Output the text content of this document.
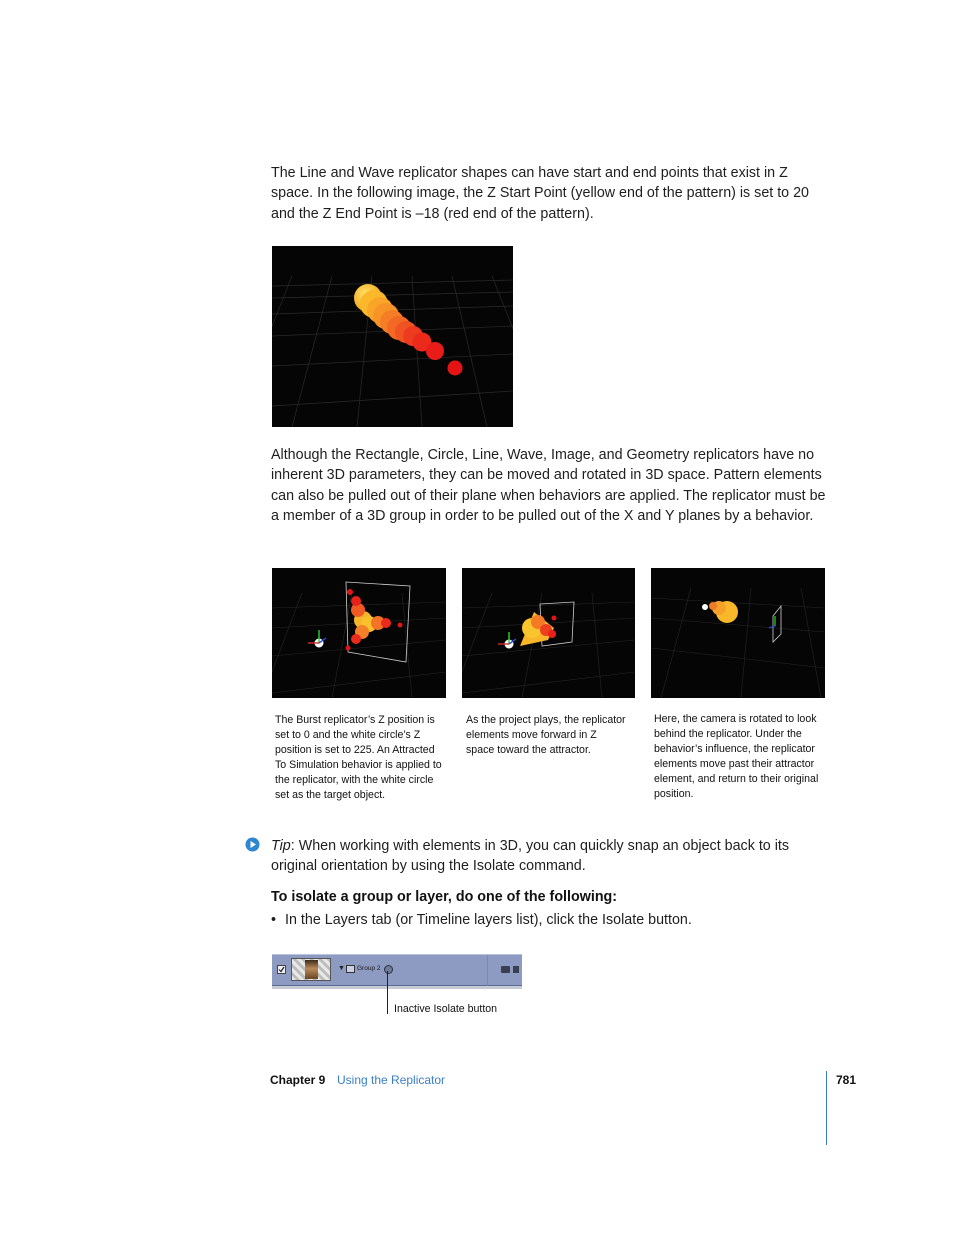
The Line and Wave replicator shapes can have start and end points that exist in Z space. In the following image, the Z Start Point (yellow end of the pattern) is set to 20 and the Z End Point is –18 (red end of the pattern).
Although the Rectangle, Circle, Line, Wave, Image, and Geometry replicators have no inherent 3D parameters, they can be moved and rotated in 3D space. Pattern elements can also be pulled out of their plane when behaviors are applied. The replicator must be a member of a 3D group in order to be pulled out of the X and Y planes by a behavior.
The Burst replicator’s Z position is set to 0 and the white circle’s Z position is set to 225. An Attracted To Simulation behavior is applied to the replicator, with the white circle set as the target object.
As the project plays, the replicator elements move forward in Z space toward the attractor.
Here, the camera is rotated to look behind the replicator. Under the behavior’s influence, the replicator elements move past their attractor element, and return to their original position.
Tip: When working with elements in 3D, you can quickly snap an object back to its original orientation by using the Isolate command.
To isolate a group or layer, do one of the following:
• In the Layers tab (or Timeline layers list), click the Isolate button.
▼ Group 2
Inactive Isolate button
Chapter 9 Using the Replicator	781
